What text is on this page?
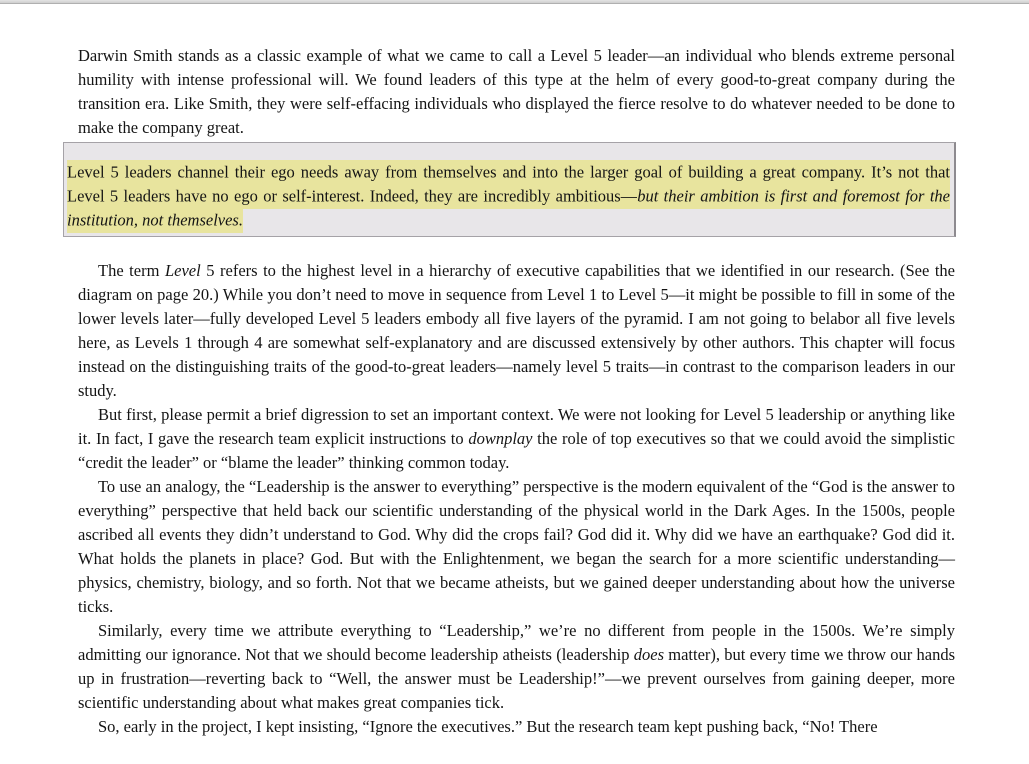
Darwin Smith stands as a classic example of what we came to call a Level 5 leader—an individual who blends extreme personal humility with intense professional will. We found leaders of this type at the helm of every good-to-great company during the transition era. Like Smith, they were self-effacing individuals who displayed the fierce resolve to do whatever needed to be done to make the company great.

Level 5 leaders channel their ego needs away from themselves and into the larger goal of building a great company. It’s not that Level 5 leaders have no ego or self-interest. Indeed, they are incredibly ambitious—but their ambition is first and foremost for the institution, not themselves.

The term Level 5 refers to the highest level in a hierarchy of executive capabilities that we identified in our research. (See the diagram on page 20.) While you don’t need to move in sequence from Level 1 to Level 5—it might be possible to fill in some of the lower levels later—fully developed Level 5 leaders embody all five layers of the pyramid. I am not going to belabor all five levels here, as Levels 1 through 4 are somewhat self-explanatory and are discussed extensively by other authors. This chapter will focus instead on the distinguishing traits of the good-to-great leaders—namely level 5 traits—in contrast to the comparison leaders in our study.

But first, please permit a brief digression to set an important context. We were not looking for Level 5 leadership or anything like it. In fact, I gave the research team explicit instructions to downplay the role of top executives so that we could avoid the simplistic “credit the leader” or “blame the leader” thinking common today.

To use an analogy, the “Leadership is the answer to everything” perspective is the modern equivalent of the “God is the answer to everything” perspective that held back our scientific understanding of the physical world in the Dark Ages. In the 1500s, people ascribed all events they didn’t understand to God. Why did the crops fail? God did it. Why did we have an earthquake? God did it. What holds the planets in place? God. But with the Enlightenment, we began the search for a more scientific understanding—physics, chemistry, biology, and so forth. Not that we became atheists, but we gained deeper understanding about how the universe ticks.

Similarly, every time we attribute everything to “Leadership,” we’re no different from people in the 1500s. We’re simply admitting our ignorance. Not that we should become leadership atheists (leadership does matter), but every time we throw our hands up in frustration—reverting back to “Well, the answer must be Leadership!”—we prevent ourselves from gaining deeper, more scientific understanding about what makes great companies tick.

So, early in the project, I kept insisting, “Ignore the executives.” But the research team kept pushing back, “No! There
